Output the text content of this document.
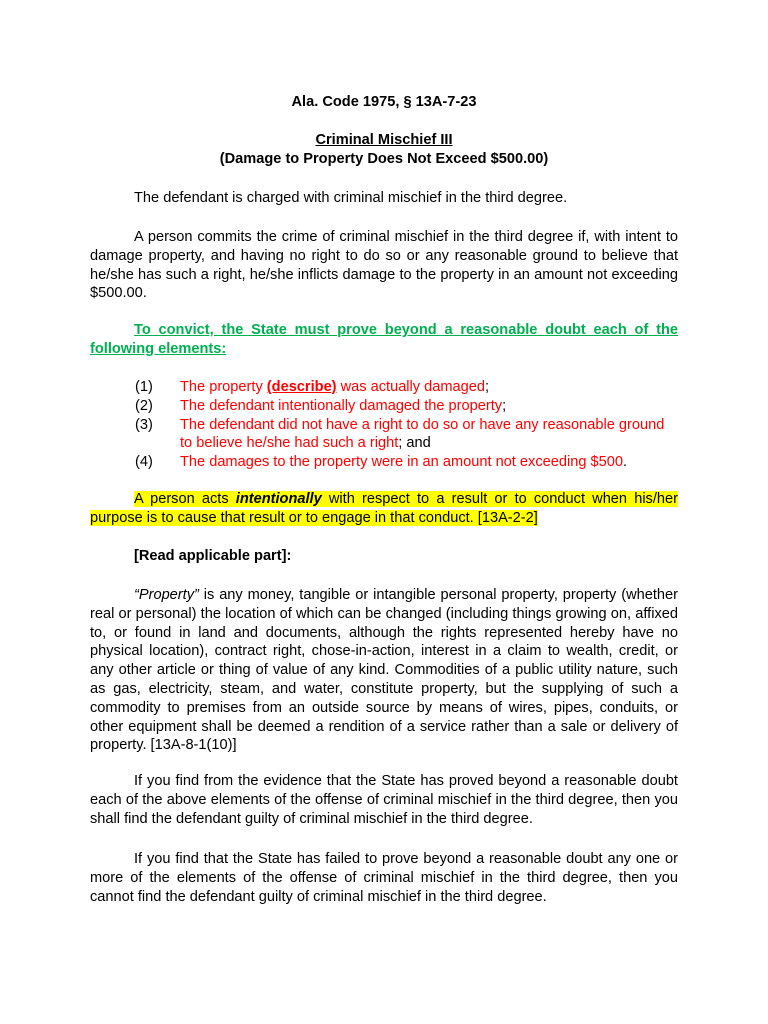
Ala. Code 1975, § 13A-7-23
Criminal Mischief III
(Damage to Property Does Not Exceed $500.00)
The defendant is charged with criminal mischief in the third degree.
A person commits the crime of criminal mischief in the third degree if, with intent to damage property, and having no right to do so or any reasonable ground to believe that he/she has such a right, he/she inflicts damage to the property in an amount not exceeding $500.00.
To convict, the State must prove beyond a reasonable doubt each of the following elements:
(1)	The property (describe) was actually damaged;
(2)	The defendant intentionally damaged the property;
(3)	The defendant did not have a right to do so or have any reasonable ground to believe he/she had such a right; and
(4)	The damages to the property were in an amount not exceeding $500.
A person acts intentionally with respect to a result or to conduct when his/her purpose is to cause that result or to engage in that conduct. [13A-2-2]
[Read applicable part]:
“Property” is any money, tangible or intangible personal property, property (whether real or personal) the location of which can be changed (including things growing on, affixed to, or found in land and documents, although the rights represented hereby have no physical location), contract right, chose-in-action, interest in a claim to wealth, credit, or any other article or thing of value of any kind. Commodities of a public utility nature, such as gas, electricity, steam, and water, constitute property, but the supplying of such a commodity to premises from an outside source by means of wires, pipes, conduits, or other equipment shall be deemed a rendition of a service rather than a sale or delivery of property. [13A-8-1(10)]
If you find from the evidence that the State has proved beyond a reasonable doubt each of the above elements of the offense of criminal mischief in the third degree, then you shall find the defendant guilty of criminal mischief in the third degree.
If you find that the State has failed to prove beyond a reasonable doubt any one or more of the elements of the offense of criminal mischief in the third degree, then you cannot find the defendant guilty of criminal mischief in the third degree.
